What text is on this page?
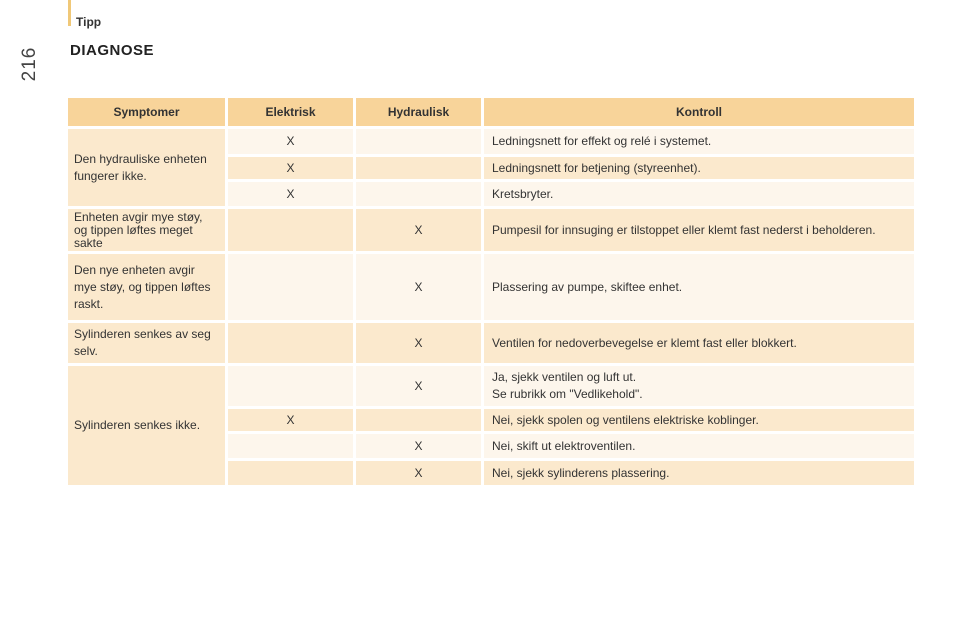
Tipp
216	DIAGNOSE
Symptomer	Elektrisk	Hydraulisk	Kontroll
Den hydrauliske enheten fungerer ikke.	X		Ledningsnett for effekt og relé i systemet.
	X		Ledningsnett for betjening (styreenhet).
	X		Kretsbryter.
Enheten avgir mye støy, og tippen løftes meget sakte		X	Pumpesil for innsuging er tilstoppet eller klemt fast nederst i beholderen.
Den nye enheten avgir mye støy, og tippen løftes raskt.		X	Plassering av pumpe, skiftee enhet.
Sylinderen senkes av seg selv.		X	Ventilen for nedoverbevegelse er klemt fast eller blokkert.
Sylinderen senkes ikke.		X	Ja, sjekk ventilen og luft ut.
Se rubrikk om "Vedlikehold".

	X		Nei, sjekk spolen og ventilens elektriske koblinger.
		X	Nei, skift ut elektroventilen.
		X	Nei, sjekk sylinderens plassering.
